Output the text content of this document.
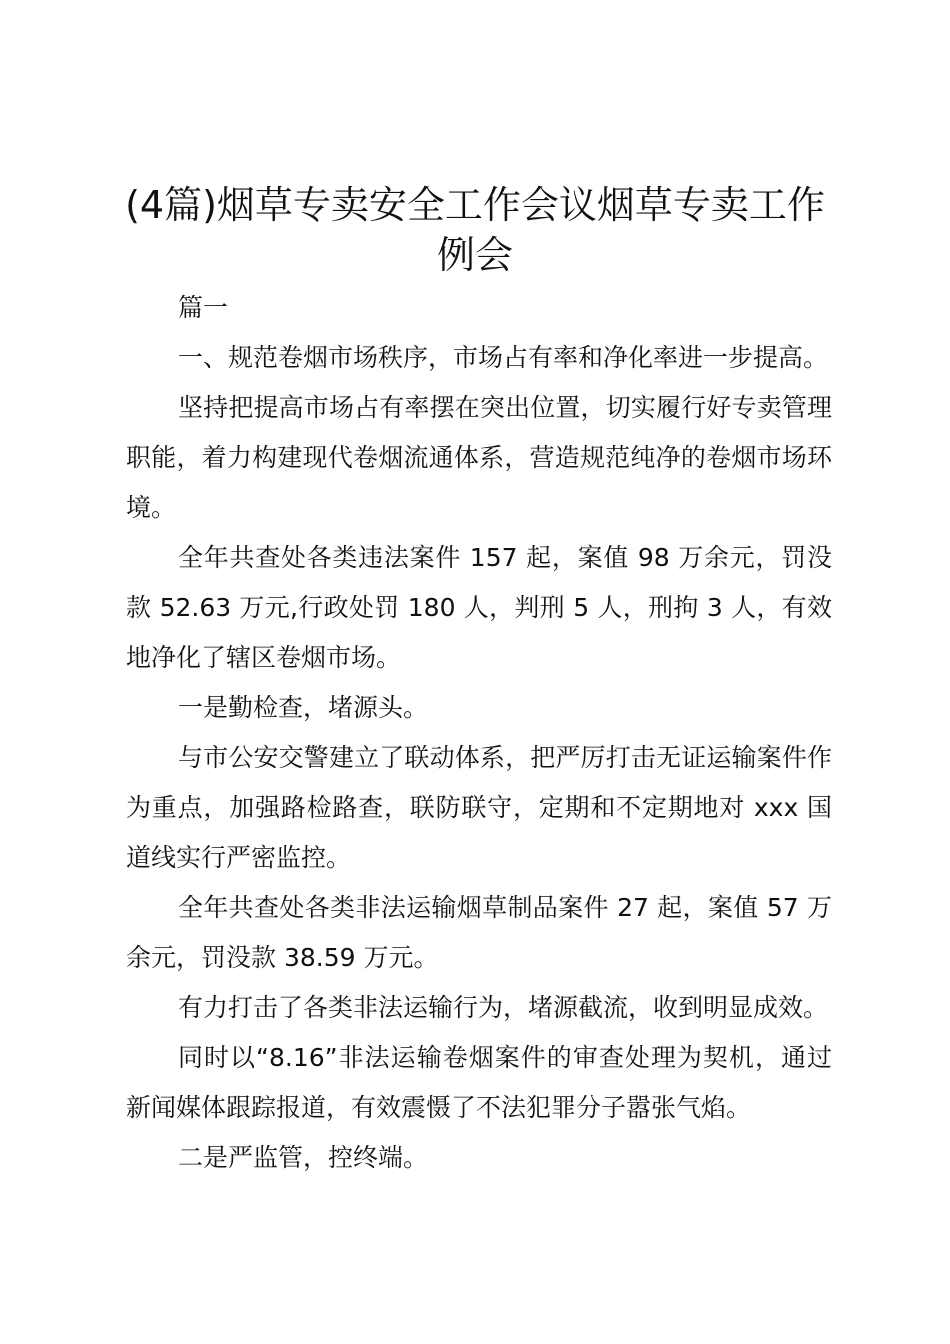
(4篇)烟草专卖安全工作会议烟草专卖工作例会

篇一

一、规范卷烟市场秩序，市场占有率和净化率进一步提高。

坚持把提高市场占有率摆在突出位置，切实履行好专卖管理职能，着力构建现代卷烟流通体系，营造规范纯净的卷烟市场环境。

全年共查处各类违法案件 157 起，案值 98 万余元，罚没款 52.63 万元,行政处罚 180 人，判刑 5 人，刑拘 3 人，有效地净化了辖区卷烟市场。

一是勤检查，堵源头。

与市公安交警建立了联动体系，把严厉打击无证运输案件作为重点，加强路检路查，联防联守，定期和不定期地对 xxx 国道线实行严密监控。

全年共查处各类非法运输烟草制品案件 27 起，案值 57 万余元，罚没款 38.59 万元。

有力打击了各类非法运输行为，堵源截流，收到明显成效。

同时以“8.16”非法运输卷烟案件的审查处理为契机，通过新闻媒体跟踪报道，有效震慑了不法犯罪分子嚣张气焰。

二是严监管，控终端。
